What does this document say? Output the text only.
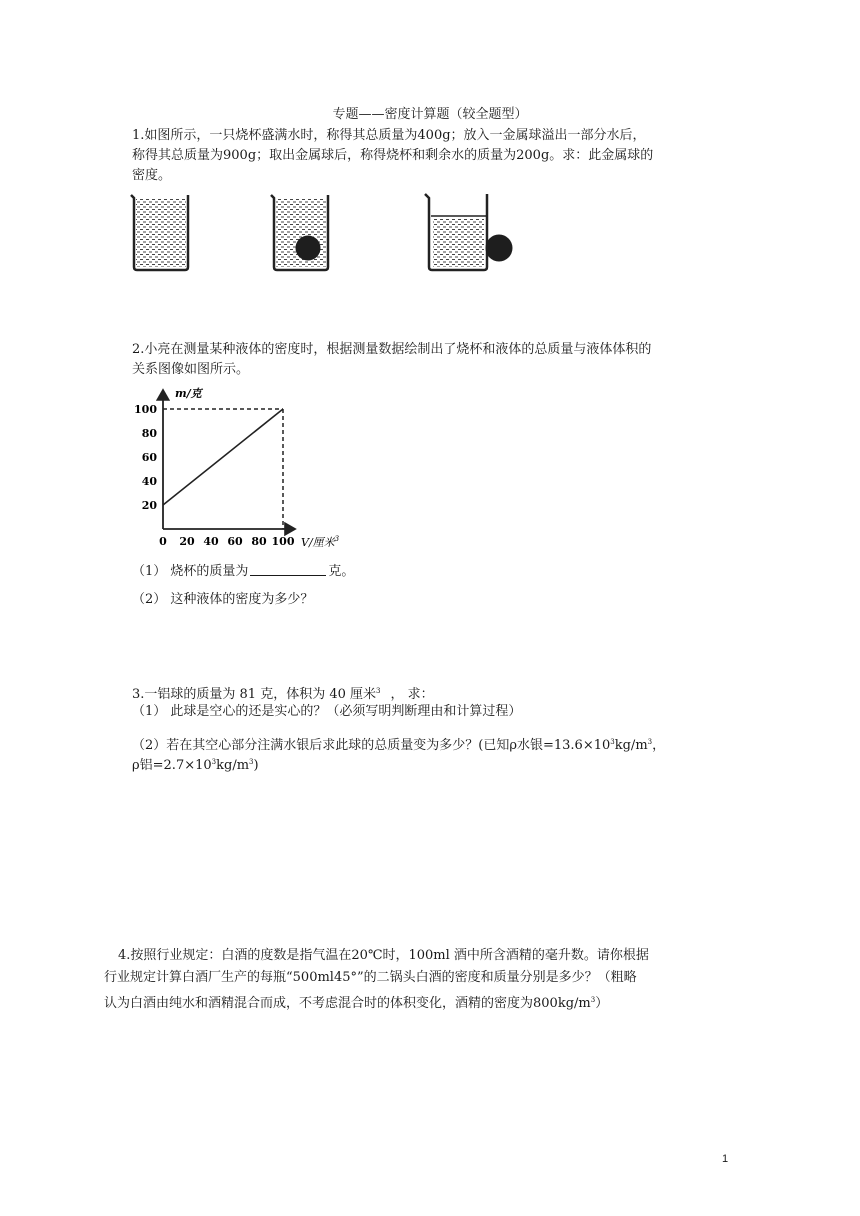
专题——密度计算题（较全题型）
1.如图所示，一只烧杯盛满水时，称得其总质量为400g；放入一金属球溢出一部分水后，
称得其总质量为900g；取出金属球后，称得烧杯和剩余水的质量为200g。求：此金属球的
密度。
2.小亮在测量某种液体的密度时，根据测量数据绘制出了烧杯和液体的总质量与液体体积的
关系图像如图所示。
0 20 40 60 80 100
20
40
60
80
100
m/克
V/厘米$^3$
（1） 烧杯的质量为	克。
（2） 这种液体的密度为多少？
3.一铝球的质量为 81 克，体积为 40 厘米$^3$ ， 求：
（1） 此球是空心的还是实心的？（必须写明判断理由和计算过程）
（2）若在其空心部分注满水银后求此球的总质量变为多少？(已知ρ水银$=13.6\times 10^3kg/m^3$，
ρ铝$=2.7\times 10^3kg/m^3$)
4.按照行业规定：白酒的度数是指气温在20℃时，100ml 酒中所含酒精的毫升数。请你根据
行业规定计算白酒厂生产的每瓶“500ml45°”的二锅头白酒的密度和质量分别是多少？（粗略
认为白酒由纯水和酒精混合而成，不考虑混合时的体积变化，酒精的密度为$800kg/m^3$）
1
